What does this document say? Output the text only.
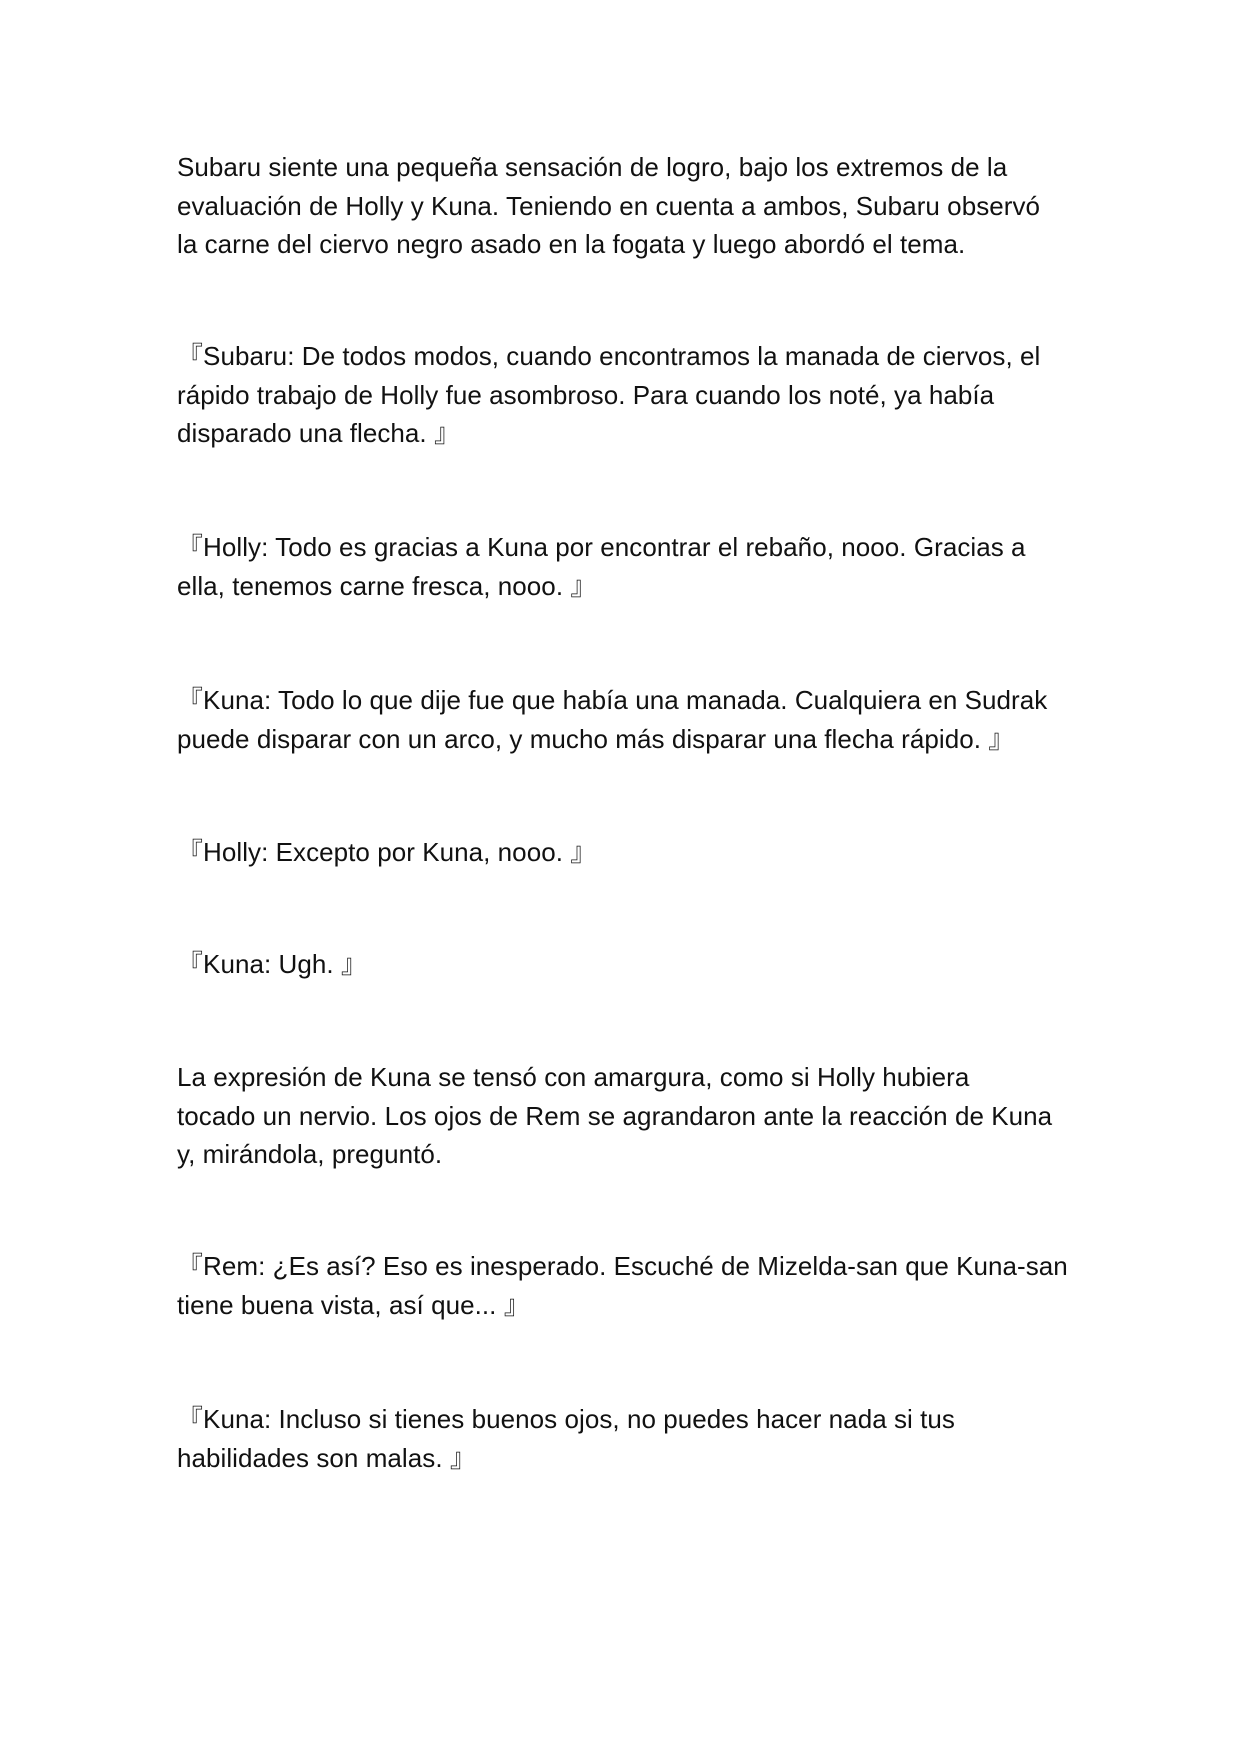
Subaru siente una pequeña sensación de logro, bajo los extremos de la
evaluación de Holly y Kuna. Teniendo en cuenta a ambos, Subaru observó
la carne del ciervo negro asado en la fogata y luego abordó el tema.

『Subaru: De todos modos, cuando encontramos la manada de ciervos, el
rápido trabajo de Holly fue asombroso. Para cuando los noté, ya había
disparado una flecha. 』

『Holly: Todo es gracias a Kuna por encontrar el rebaño, nooo. Gracias a
ella, tenemos carne fresca, nooo. 』

『Kuna: Todo lo que dije fue que había una manada. Cualquiera en Sudrak
puede disparar con un arco, y mucho más disparar una flecha rápido. 』

『Holly: Excepto por Kuna, nooo. 』

『Kuna: Ugh. 』

La expresión de Kuna se tensó con amargura, como si Holly hubiera
tocado un nervio. Los ojos de Rem se agrandaron ante la reacción de Kuna
y, mirándola, preguntó.

『Rem: ¿Es así? Eso es inesperado. Escuché de Mizelda-san que Kuna-san
tiene buena vista, así que... 』

『Kuna: Incluso si tienes buenos ojos, no puedes hacer nada si tus
habilidades son malas. 』
